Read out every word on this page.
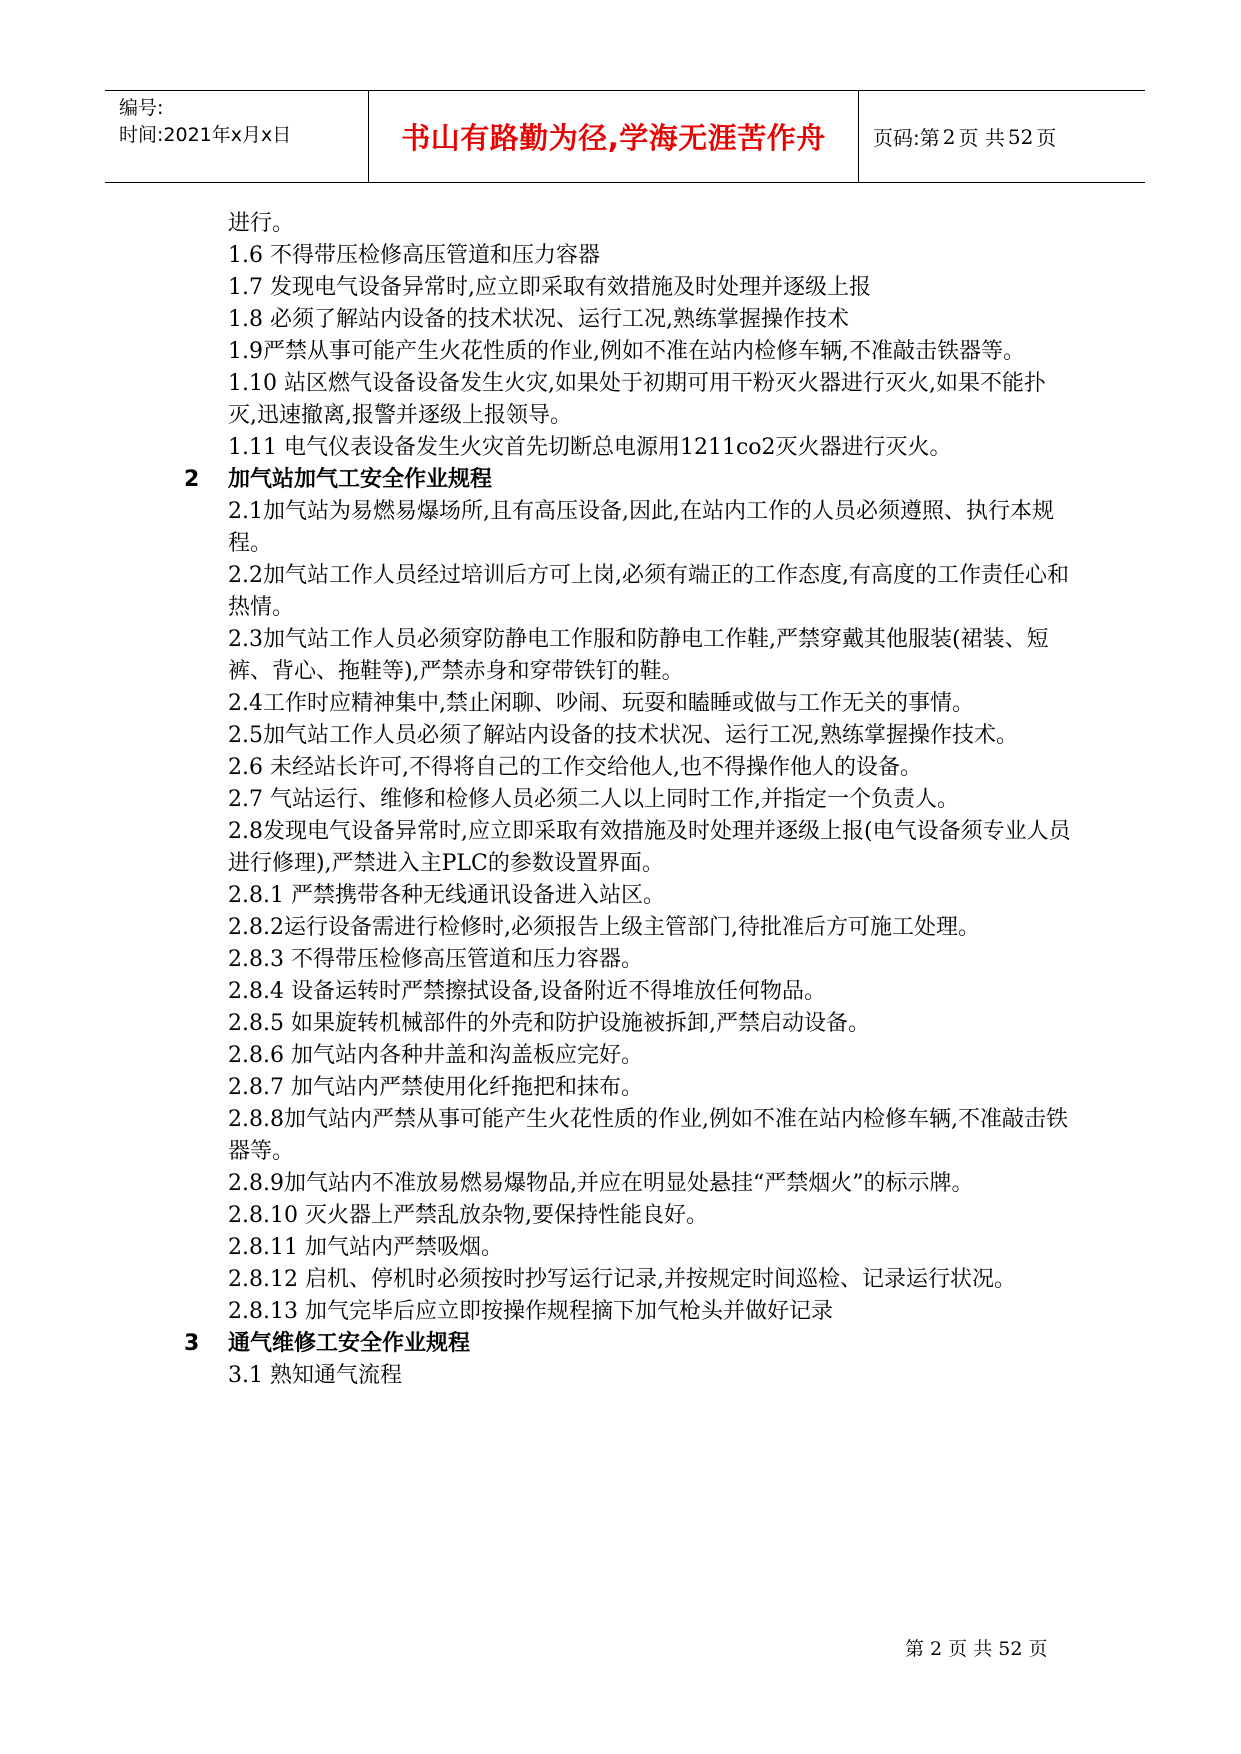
编号:
时间:2021年x月x日	书山有路勤为径,学海无涯苦作舟	页码:第 2 页 共 52 页
进行。
1.6 不得带压检修高压管道和压力容器
1.7 发现电气设备异常时,应立即采取有效措施及时处理并逐级上报
1.8 必须了解站内设备的技术状况、运行工况,熟练掌握操作技术
1.9严禁从事可能产生火花性质的作业,例如不准在站内检修车辆,不准敲击铁器等。
1.10 站区燃气设备设备发生火灾,如果处于初期可用干粉灭火器进行灭火,如果不能扑灭,迅速撤离,报警并逐级上报领导。
1.11 电气仪表设备发生火灾首先切断总电源用1211co2灭火器进行灭火。
2	加气站加气工安全作业规程
2.1加气站为易燃易爆场所,且有高压设备,因此,在站内工作的人员必须遵照、执行本规程。
2.2加气站工作人员经过培训后方可上岗,必须有端正的工作态度,有高度的工作责任心和热情。
2.3加气站工作人员必须穿防静电工作服和防静电工作鞋,严禁穿戴其他服装(裙装、短裤、背心、拖鞋等),严禁赤身和穿带铁钉的鞋。
2.4工作时应精神集中,禁止闲聊、吵闹、玩耍和瞌睡或做与工作无关的事情。
2.5加气站工作人员必须了解站内设备的技术状况、运行工况,熟练掌握操作技术。
2.6 未经站长许可,不得将自己的工作交给他人,也不得操作他人的设备。
2.7 气站运行、维修和检修人员必须二人以上同时工作,并指定一个负责人。
2.8发现电气设备异常时,应立即采取有效措施及时处理并逐级上报(电气设备须专业人员进行修理),严禁进入主PLC的参数设置界面。
2.8.1 严禁携带各种无线通讯设备进入站区。
2.8.2运行设备需进行检修时,必须报告上级主管部门,待批准后方可施工处理。
2.8.3 不得带压检修高压管道和压力容器。
2.8.4 设备运转时严禁擦拭设备,设备附近不得堆放任何物品。
2.8.5 如果旋转机械部件的外壳和防护设施被拆卸,严禁启动设备。
2.8.6 加气站内各种井盖和沟盖板应完好。
2.8.7 加气站内严禁使用化纤拖把和抹布。
2.8.8加气站内严禁从事可能产生火花性质的作业,例如不准在站内检修车辆,不准敲击铁器等。
2.8.9加气站内不准放易燃易爆物品,并应在明显处悬挂“严禁烟火”的标示牌。
2.8.10 灭火器上严禁乱放杂物,要保持性能良好。
2.8.11 加气站内严禁吸烟。
2.8.12 启机、停机时必须按时抄写运行记录,并按规定时间巡检、记录运行状况。
2.8.13 加气完毕后应立即按操作规程摘下加气枪头并做好记录
3	通气维修工安全作业规程
3.1 熟知通气流程
第 2 页 共 52 页
